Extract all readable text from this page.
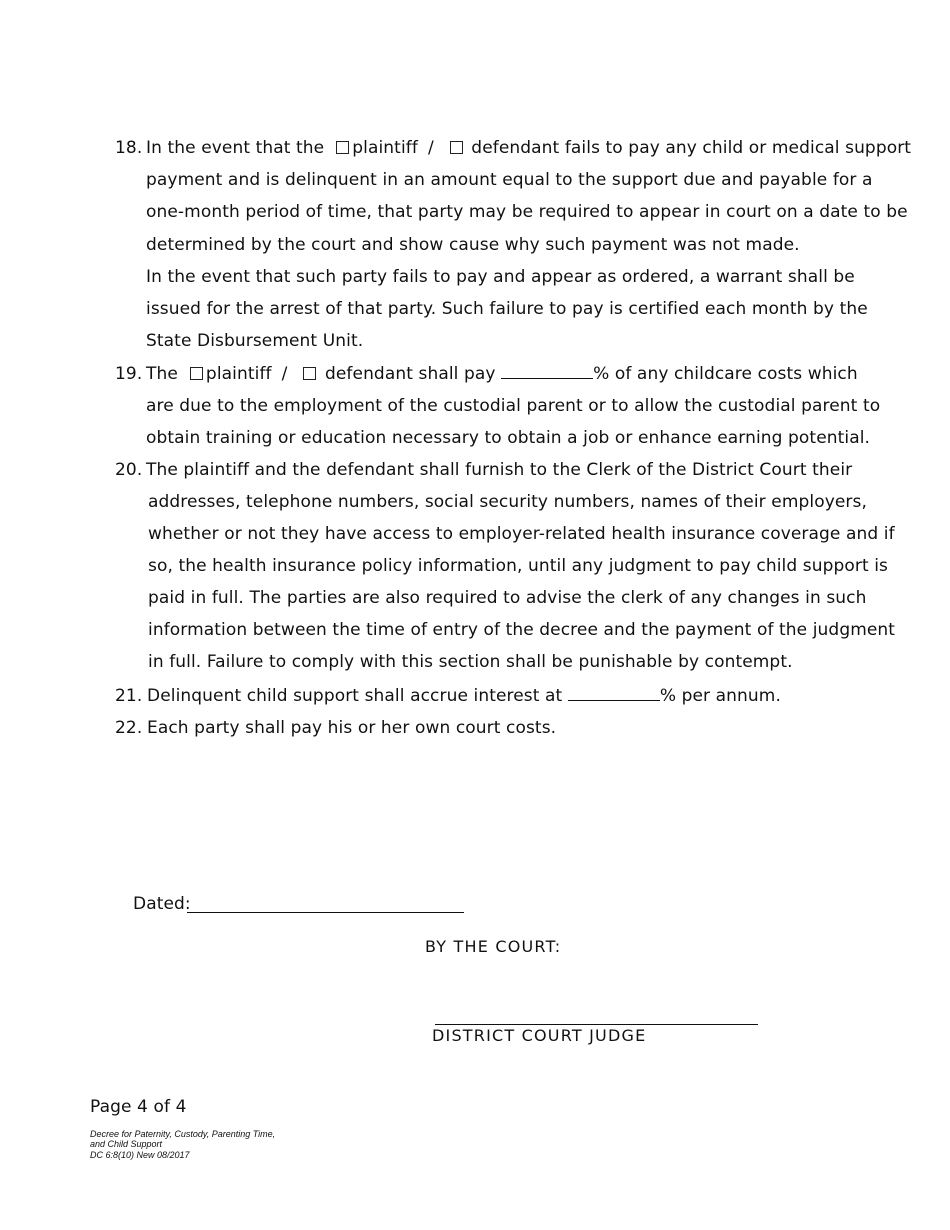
18. In the event that the plaintiff / defendant fails to pay any child or medical support
payment and is delinquent in an amount equal to the support due and payable for a
one-month period of time, that party may be required to appear in court on a date to be
determined by the court and show cause why such payment was not made.
In the event that such party fails to pay and appear as ordered, a warrant shall be
issued for the arrest of that party. Such failure to pay is certified each month by the
State Disbursement Unit.
19. The plaintiff / defendant shall pay	% of any childcare costs which
are due to the employment of the custodial parent or to allow the custodial parent to
obtain training or education necessary to obtain a job or enhance earning potential.
20. The plaintiff and the defendant shall furnish to the Clerk of the District Court their
addresses, telephone numbers, social security numbers, names of their employers,
whether or not they have access to employer-related health insurance coverage and if
so, the health insurance policy information, until any judgment to pay child support is
paid in full. The parties are also required to advise the clerk of any changes in such
information between the time of entry of the decree and the payment of the judgment
in full. Failure to comply with this section shall be punishable by contempt.
21. Delinquent child support shall accrue interest at	% per annum.
22. Each party shall pay his or her own court costs.
Dated:
BY THE COURT:
DISTRICT COURT JUDGE
Page 4 of 4
Decree for Paternity, Custody, Parenting Time,
and Child Support
DC 6:8(10) New 08/2017
